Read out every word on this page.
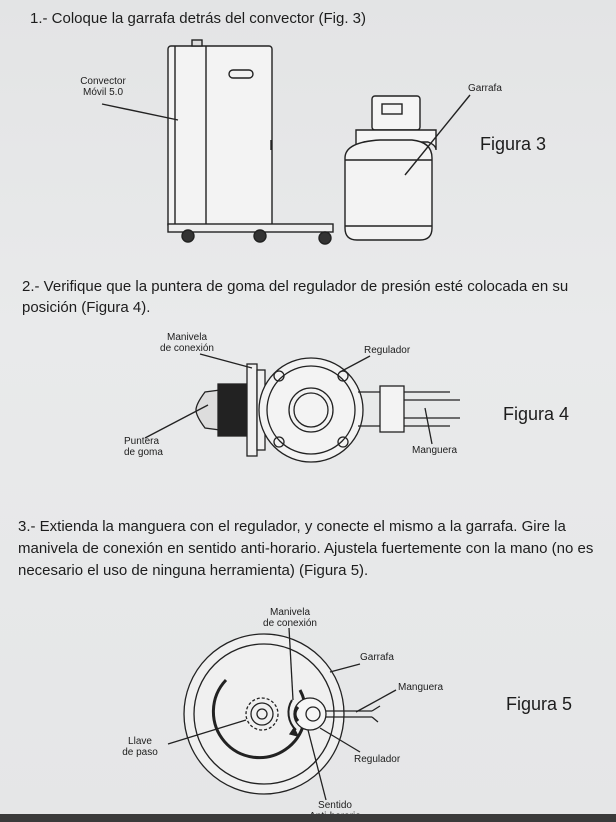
1.- Coloque la garrafa detrás del convector (Fig. 3)
2.- Verifique que la puntera de goma del regulador de presión esté colocada en su
posición (Figura 4).
3.- Extienda la manguera con el regulador, y conecte el mismo a la garrafa. Gire la
manivela de conexión en sentido anti-horario. Ajustela fuertemente con la mano (no es
necesario el uso de ninguna herramienta) (Figura 5).
Convector
Móvil 5.0	Garrafa
Figura 3
Manivela
de conexión	Regulador
Puntera
de goma	Manguera
Figura 4
Manivela
de conexión
Garrafa
Manguera
Llave
de paso
Regulador
Sentido
Figura 5
